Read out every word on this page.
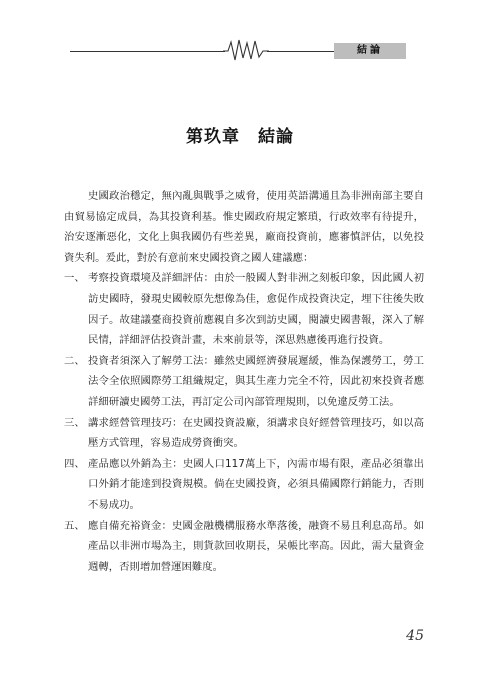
結論
第玖章　結論

史國政治穩定，無內亂與戰爭之威脅，使用英語溝通且為非洲南部主要自由貿易協定成員，為其投資利基。惟史國政府規定繁瑣，行政效率有待提升，治安逐漸惡化，文化上與我國仍有些差異，廠商投資前，應審慎評估，以免投資失利。爰此，對於有意前來史國投資之國人建議應：

一、 考察投資環境及詳細評估：由於一般國人對非洲之刻板印象，因此國人初訪史國時，發現史國較原先想像為佳，愈促作成投資決定，埋下往後失敗因子。故建議臺商投資前應親自多次到訪史國，閱讀史國書報，深入了解民情，詳細評估投資計畫，未來前景等，深思熟慮後再進行投資。
二、 投資者須深入了解勞工法：雖然史國經濟發展遲緩，惟為保護勞工，勞工法令全依照國際勞工組織規定，與其生產力完全不符，因此初來投資者應詳細研讀史國勞工法，再訂定公司內部管理規則，以免違反勞工法。
三、 講求經營管理技巧：在史國投資設廠，須講求良好經營管理技巧，如以高壓方式管理，容易造成勞資衝突。
四、 產品應以外銷為主：史國人口117萬上下，內需市場有限，產品必須靠出口外銷才能達到投資規模。倘在史國投資，必須具備國際行銷能力，否則不易成功。
五、 應自備充裕資金：史國金融機構服務水準落後，融資不易且利息高昂。如產品以非洲市場為主，則貨款回收期長，呆帳比率高。因此，需大量資金週轉，否則增加營運困難度。
45
